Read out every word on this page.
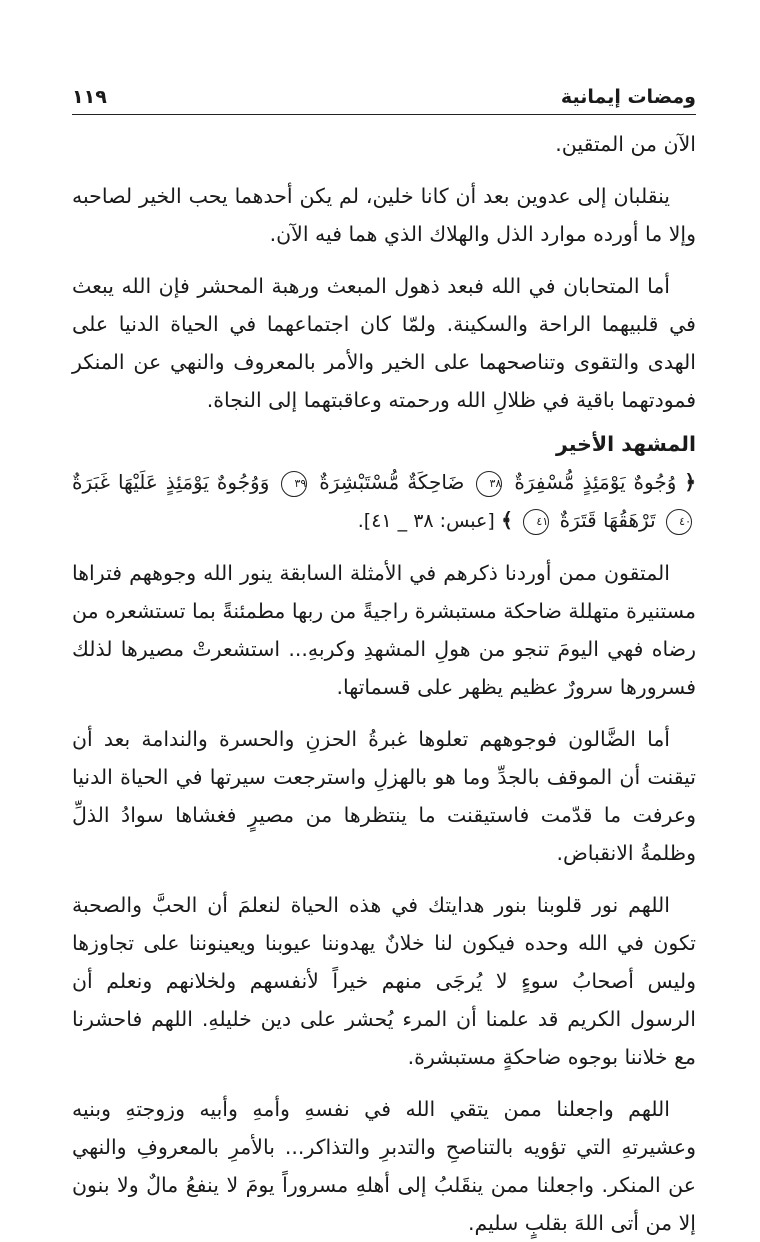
ومضات إيمانية
١١٩

الآن من المتقين.

ينقلبان إلى عدوين بعد أن كانا خلين، لم يكن أحدهما يحب الخير لصاحبه وإلا ما أورده موارد الذل والهلاك الذي هما فيه الآن.

أما المتحابان في الله فبعد ذهول المبعث ورهبة المحشر فإن الله يبعث في قلبيهما الراحة والسكينة. ولمّا كان اجتماعهما في الحياة الدنيا على الهدى والتقوى وتناصحهما على الخير والأمر بالمعروف والنهي عن المنكر فمودتهما باقية في ظلالِ الله ورحمته وعاقبتهما إلى النجاة.

المشهد الأخير
﴿ وُجُوهٌ يَوْمَئِذٍ مُّسْفِرَةٌ ٣٨ ضَاحِكَةٌ مُّسْتَبْشِرَةٌ ٣٩ وَوُجُوهٌ يَوْمَئِذٍ عَلَيْهَا غَبَرَةٌ ٤٠ تَرْهَقُهَا قَتَرَةٌ ٤١ ﴾ [عبس: ٣٨ _ ٤١].

المتقون ممن أوردنا ذكرهم في الأمثلة السابقة ينور الله وجوههم فتراها مستنيرة متهللة ضاحكة مستبشرة راجيةً من ربها مطمئنةً بما تستشعره من رضاه فهي اليومَ تنجو من هولِ المشهدِ وكربهِ... استشعرتْ مصيرها لذلك فسرورها سرورٌ عظيم يظهر على قسماتها.

أما الضَّالون فوجوههم تعلوها غبرةُ الحزنِ والحسرة والندامة بعد أن تيقنت أن الموقف بالجدِّ وما هو بالهزلِ واسترجعت سيرتها في الحياة الدنيا وعرفت ما قدّمت فاستيقنت ما ينتظرها من مصيرٍ فغشاها سوادُ الذلِّ وظلمةُ الانقباض.

اللهم نور قلوبنا بنور هدايتك في هذه الحياة لنعلمَ أن الحبَّ والصحبة تكون في الله وحده فيكون لنا خلانٌ يهدوننا عيوبنا ويعينوننا على تجاوزها وليس أصحابُ سوءٍ لا يُرجَى منهم خيراً لأنفسهم ولخلانهم ونعلم أن الرسول الكريم قد علمنا أن المرء يُحشر على دين خليلهِ. اللهم فاحشرنا مع خلاننا بوجوه ضاحكةٍ مستبشرة.

اللهم واجعلنا ممن يتقي الله في نفسهِ وأمهِ وأبيه وزوجتهِ وبنيه وعشيرتهِ التي تؤويه بالتناصحِ والتدبرِ والتذاكر... بالأمرِ بالمعروفِ والنهي عن المنكر. واجعلنا ممن ينقَلبُ إلى أهلهِ مسروراً يومَ لا ينفعُ مالٌ ولا بنون إلا من أتى اللهَ بقلبٍ سليم.
